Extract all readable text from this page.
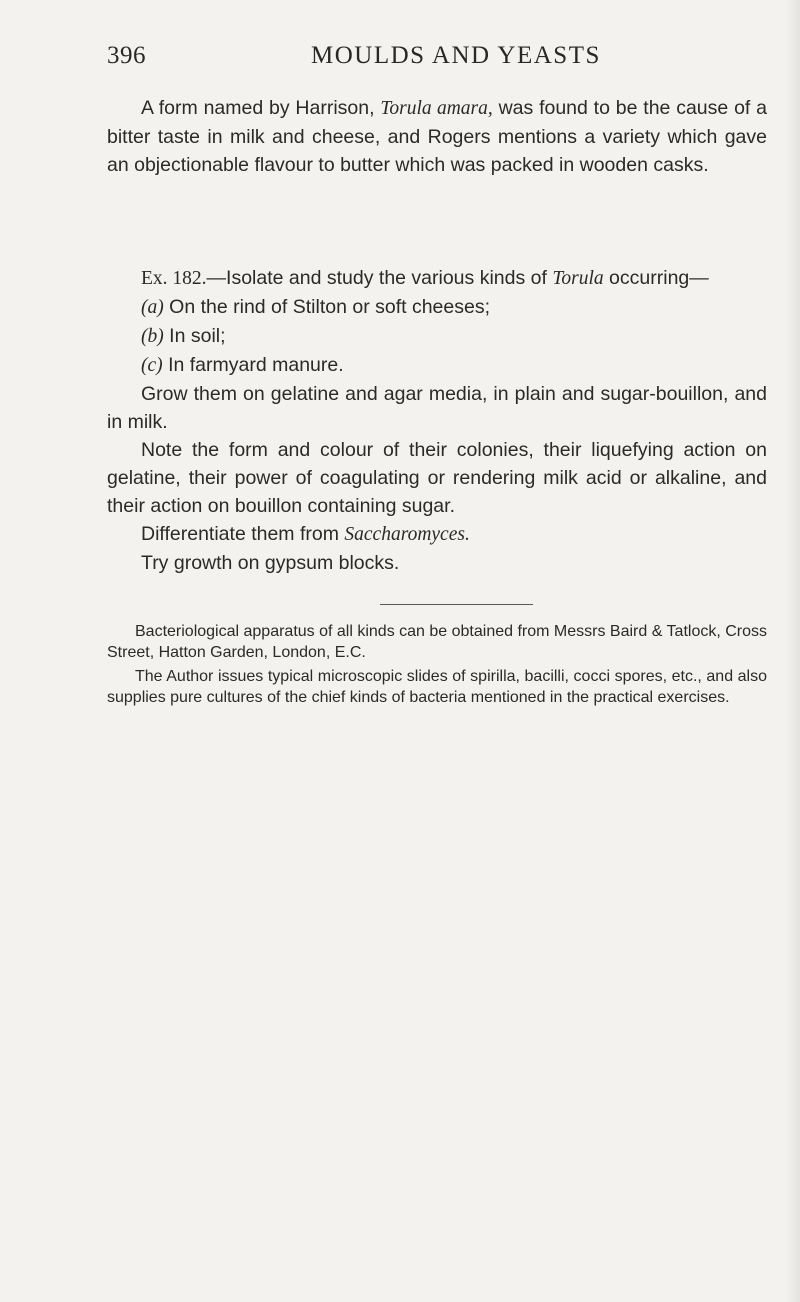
396	MOULDS AND YEASTS

A form named by Harrison, Torula amara, was found to be the cause of a bitter taste in milk and cheese, and Rogers mentions a variety which gave an objectionable flavour to butter which was packed in wooden casks.

Ex. 182.—Isolate and study the various kinds of Torula occurring—

(a) On the rind of Stilton or soft cheeses;

(b) In soil;

(c) In farmyard manure.

Grow them on gelatine and agar media, in plain and sugar-bouillon, and in milk.

Note the form and colour of their colonies, their liquefying action on gelatine, their power of coagulating or rendering milk acid or alkaline, and their action on bouillon containing sugar.

Differentiate them from Saccharomyces.

Try growth on gypsum blocks.

Bacteriological apparatus of all kinds can be obtained from Messrs Baird & Tatlock, Cross Street, Hatton Garden, London, E.C.

The Author issues typical microscopic slides of spirilla, bacilli, cocci spores, etc., and also supplies pure cultures of the chief kinds of bacteria mentioned in the practical exercises.
